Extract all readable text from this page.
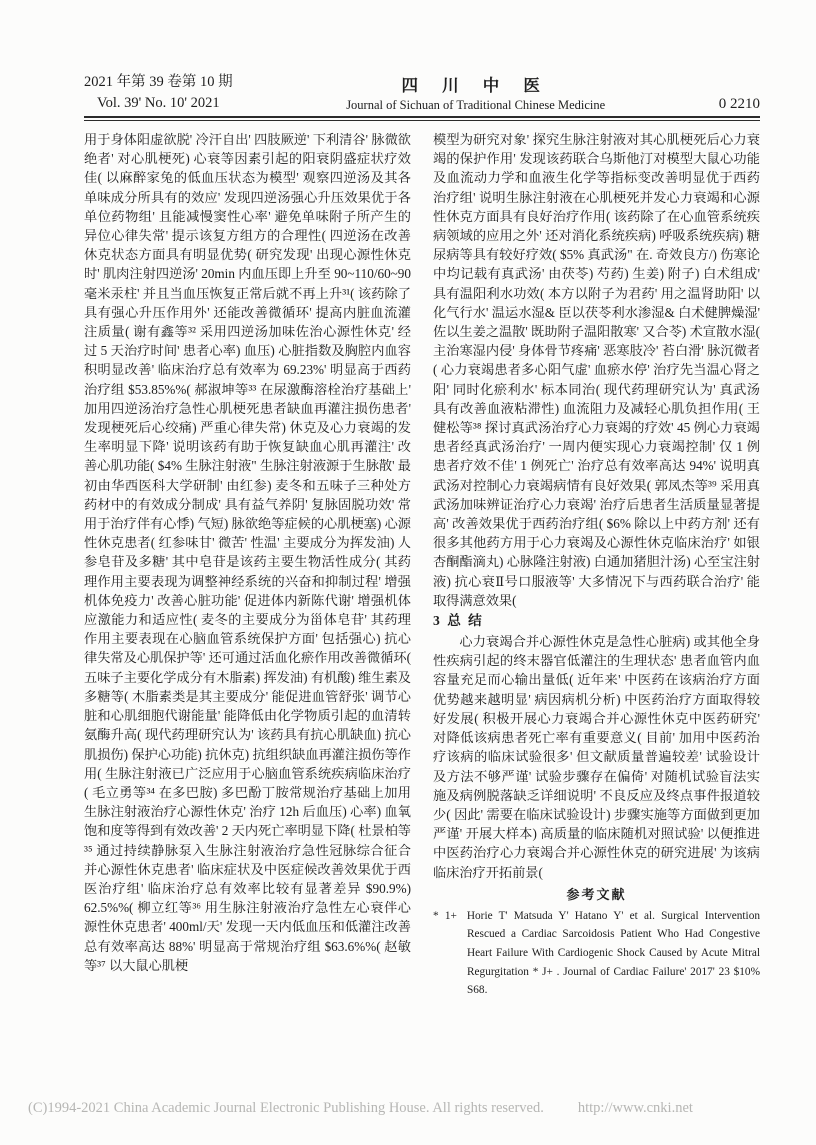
2021 年第 39 卷第 10 期
Vol. 39' No. 10' 2021
四 川 中 医
Journal of Sichuan of Traditional Chinese Medicine	0 2210

用于身体阳虚欲脱' 冷汗自出' 四肢厥逆' 下利清谷' 脉微欲绝者' 对心肌梗死) 心衰等因素引起的阳衰阴盛症状疗效佳( 以麻醉家兔的低血压状态为模型' 观察四逆汤及其各单味成分所具有的效应' 发现四逆汤强心升压效果优于各单位药物组' 且能减慢窦性心率' 避免单味附子所产生的异位心律失常' 提示该复方组方的合理性( 四逆汤在改善休克状态方面具有明显优势( 研究发现' 出现心源性休克时' 肌肉注射四逆汤' 20min 内血压即上升至 90~110/60~90 毫米汞柱' 并且当血压恢复正常后就不再上升³¹( 该药除了具有强心升压作用外' 还能改善微循环' 提高内脏血流灌注质量( 谢有鑫等³² 采用四逆汤加味佐治心源性休克' 经过 5 天治疗时间' 患者心率) 血压) 心脏指数及胸腔内血容积明显改善' 临床治疗总有效率为 69.23%' 明显高于西药治疗组 $53.85%%( 郝淑坤等³³ 在尿激酶溶栓治疗基础上' 加用四逆汤治疗急性心肌梗死患者缺血再灌注损伤患者' 发现梗死后心绞痛) 严重心律失常) 休克及心力衰竭的发生率明显下降' 说明该药有助于恢复缺血心肌再灌注' 改善心肌功能( $4% 生脉注射液" 生脉注射液源于生脉散' 最初由华西医科大学研制' 由红参) 麦冬和五味子三种处方药材中的有效成分制成' 具有益气养阴' 复脉固脱功效' 常用于治疗伴有心悸) 气短) 脉欲绝等症候的心肌梗塞) 心源性休克患者( 红参味甘' 微苦' 性温' 主要成分为挥发油) 人参皂苷及多糖' 其中皂苷是该药主要生物活性成分( 其药理作用主要表现为调整神经系统的兴奋和抑制过程' 增强机体免疫力' 改善心脏功能' 促进体内新陈代谢' 增强机体应激能力和适应性( 麦冬的主要成分为甾体皂苷' 其药理作用主要表现在心脑血管系统保护方面' 包括强心) 抗心律失常及心肌保护等' 还可通过活血化瘀作用改善微循环( 五味子主要化学成分有木脂素) 挥发油) 有机酸) 维生素及多糖等( 木脂素类是其主要成分' 能促进血管舒张' 调节心脏和心肌细胞代谢能量' 能降低由化学物质引起的血清转氨酶升高( 现代药理研究认为' 该药具有抗心肌缺血) 抗心肌损伤) 保护心功能) 抗休克) 抗组织缺血再灌注损伤等作用( 生脉注射液已广泛应用于心脑血管系统疾病临床治疗( 毛立勇等³⁴ 在多巴胺) 多巴酚丁胺常规治疗基础上加用生脉注射液治疗心源性休克' 治疗 12h 后血压) 心率) 血氧饱和度等得到有效改善' 2 天内死亡率明显下降( 杜景柏等³⁵ 通过持续静脉泵入生脉注射液治疗急性冠脉综合征合并心源性休克患者' 临床症状及中医症候改善效果优于西医治疗组' 临床治疗总有效率比较有显著差异 $90.9%) 62.5%%( 柳立红等³⁶ 用生脉注射液治疗急性左心衰伴心源性休克患者' 400ml/天' 发现一天内低血压和低灌注改善总有效率高达 88%' 明显高于常规治疗组 $63.6%%( 赵敏等³⁷ 以大鼠心肌梗

模型为研究对象' 探究生脉注射液对其心肌梗死后心力衰竭的保护作用' 发现该药联合乌斯他汀对模型大鼠心功能及血流动力学和血液生化学等指标变改善明显优于西药治疗组' 说明生脉注射液在心肌梗死并发心力衰竭和心源性休克方面具有良好治疗作用( 该药除了在心血管系统疾病领域的应用之外' 还对消化系统疾病) 呼吸系统疾病) 糖尿病等具有较好疗效( $5% 真武汤" 在. 奇效良方/) 伤寒论中均记载有真武汤' 由茯苓) 芍药) 生姜) 附子) 白术组成' 具有温阳利水功效( 本方以附子为君药' 用之温肾助阳' 以化气行水' 温运水湿& 臣以茯苓利水渗湿& 白术健脾燥湿' 佐以生姜之温散' 既助附子温阳散寒' 又合苓) 术宣散水湿( 主治寒湿内侵' 身体骨节疼痛' 恶寒肢冷' 苔白滑' 脉沉微者( 心力衰竭患者多心阳气虚' 血瘀水停' 治疗先当温心肾之阳' 同时化瘀利水' 标本同治( 现代药理研究认为' 真武汤具有改善血液粘滞性) 血流阻力及减轻心肌负担作用( 王健松等³⁸ 探讨真武汤治疗心力衰竭的疗效' 45 例心力衰竭患者经真武汤治疗' 一周内便实现心力衰竭控制' 仅 1 例患者疗效不佳' 1 例死亡' 治疗总有效率高达 94%' 说明真武汤对控制心力衰竭病情有良好效果( 郭凤杰等³⁹ 采用真武汤加味辨证治疗心力衰竭' 治疗后患者生活质量显著提高' 改善效果优于西药治疗组( $6% 除以上中药方剂' 还有很多其他药方用于心力衰竭及心源性休克临床治疗' 如银杏酮酯滴丸) 心脉隆注射液) 白通加猪胆汁汤) 心至宝注射液) 抗心衰Ⅱ号口服液等' 大多情况下与西药联合治疗' 能取得满意效果(

3 总 结

心力衰竭合并心源性休克是急性心脏病) 或其他全身性疾病引起的终末器官低灌注的生理状态' 患者血管内血容量充足而心输出量低( 近年来' 中医药在该病治疗方面优势越来越明显' 病因病机分析) 中医药治疗方面取得较好发展( 积极开展心力衰竭合并心源性休克中医药研究' 对降低该病患者死亡率有重要意义( 目前' 加用中医药治疗该病的临床试验很多' 但文献质量普遍较差' 试验设计及方法不够严谨' 试验步骤存在偏倚' 对随机试验盲法实施及病例脱落缺乏详细说明' 不良反应及终点事件报道较少( 因此' 需要在临床试验设计) 步骤实施等方面做到更加严谨' 开展大样本) 高质量的临床随机对照试验' 以便推进中医药治疗心力衰竭合并心源性休克的研究进展' 为该病临床治疗开拓前景(

参考文献
* 1+ Horie T' Matsuda Y' Hatano Y' et al. Surgical Intervention Rescued a Cardiac Sarcoidosis Patient Who Had Congestive Heart Failure With Cardiogenic Shock Caused by Acute Mitral Regurgitation * J+ . Journal of Cardiac Failure' 2017' 23 $10% S68.
(C)1994-2021 China Academic Journal Electronic Publishing House. All rights reserved. http://www.cnki.net
